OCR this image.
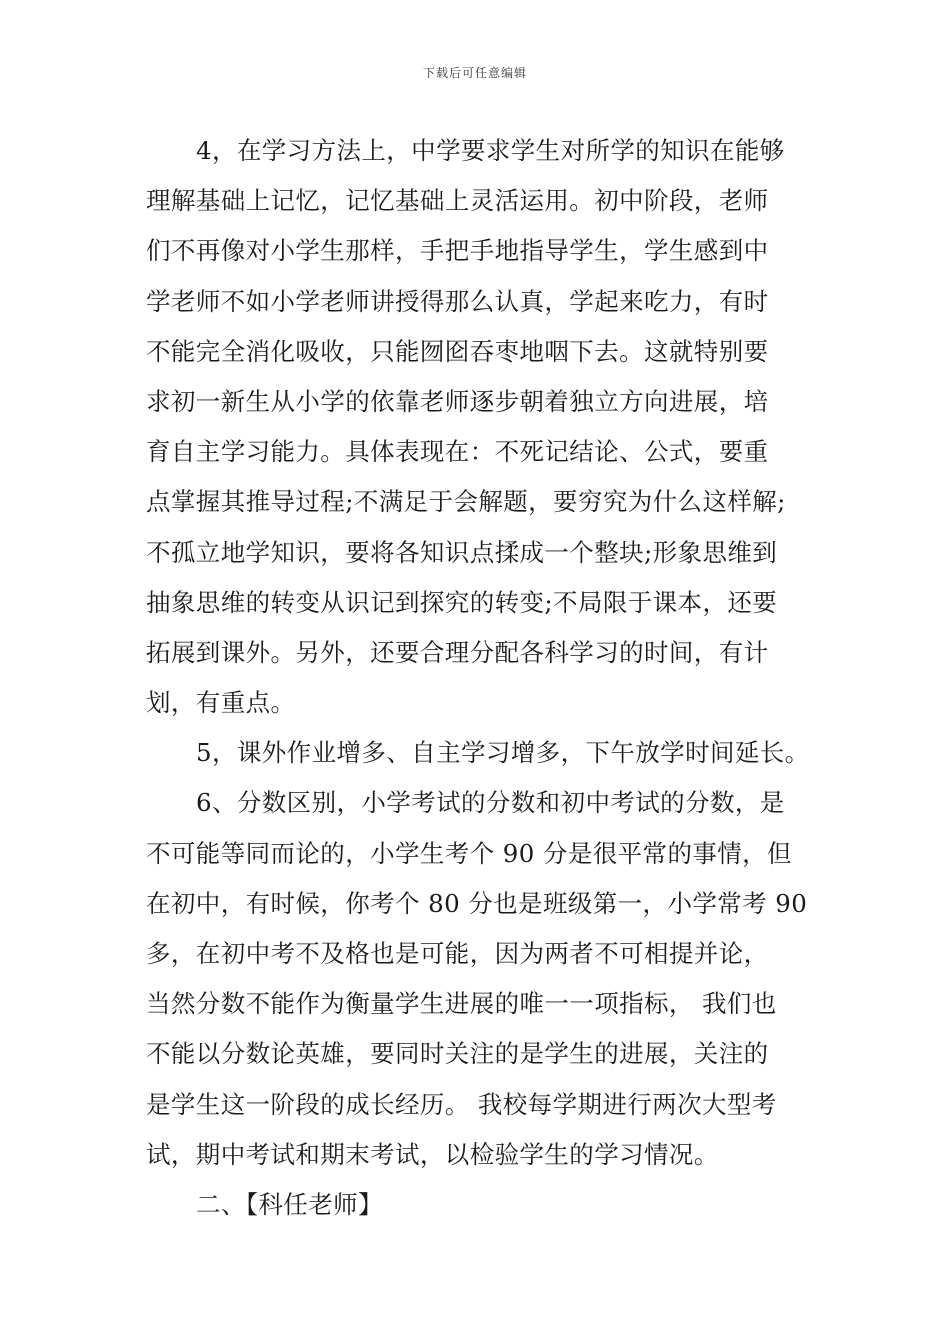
下载后可任意编辑
4，在学习方法上，中学要求学生对所学的知识在能够
理解基础上记忆，记忆基础上灵活运用。初中阶段，老师
们不再像对小学生那样，手把手地指导学生，学生感到中
学老师不如小学老师讲授得那么认真，学起来吃力，有时
不能完全消化吸收，只能囫囵吞枣地咽下去。这就特别要
求初一新生从小学的依靠老师逐步朝着独立方向进展，培
育自主学习能力。具体表现在：不死记结论、公式，要重
点掌握其推导过程;不满足于会解题，要穷究为什么这样解;
不孤立地学知识，要将各知识点揉成一个整块;形象思维到
抽象思维的转变从识记到探究的转变;不局限于课本，还要
拓展到课外。另外，还要合理分配各科学习的时间，有计
划，有重点。
5，课外作业增多、自主学习增多，下午放学时间延长。
6、分数区别，小学考试的分数和初中考试的分数，是
不可能等同而论的，小学生考个 90 分是很平常的事情，但
在初中，有时候，你考个 80 分也是班级第一，小学常考 90
多，在初中考不及格也是可能，因为两者不可相提并论，
当然分数不能作为衡量学生进展的唯一一项指标， 我们也
不能以分数论英雄，要同时关注的是学生的进展，关注的
是学生这一阶段的成长经历。 我校每学期进行两次大型考
试，期中考试和期末考试，以检验学生的学习情况。
二、【科任老师】
